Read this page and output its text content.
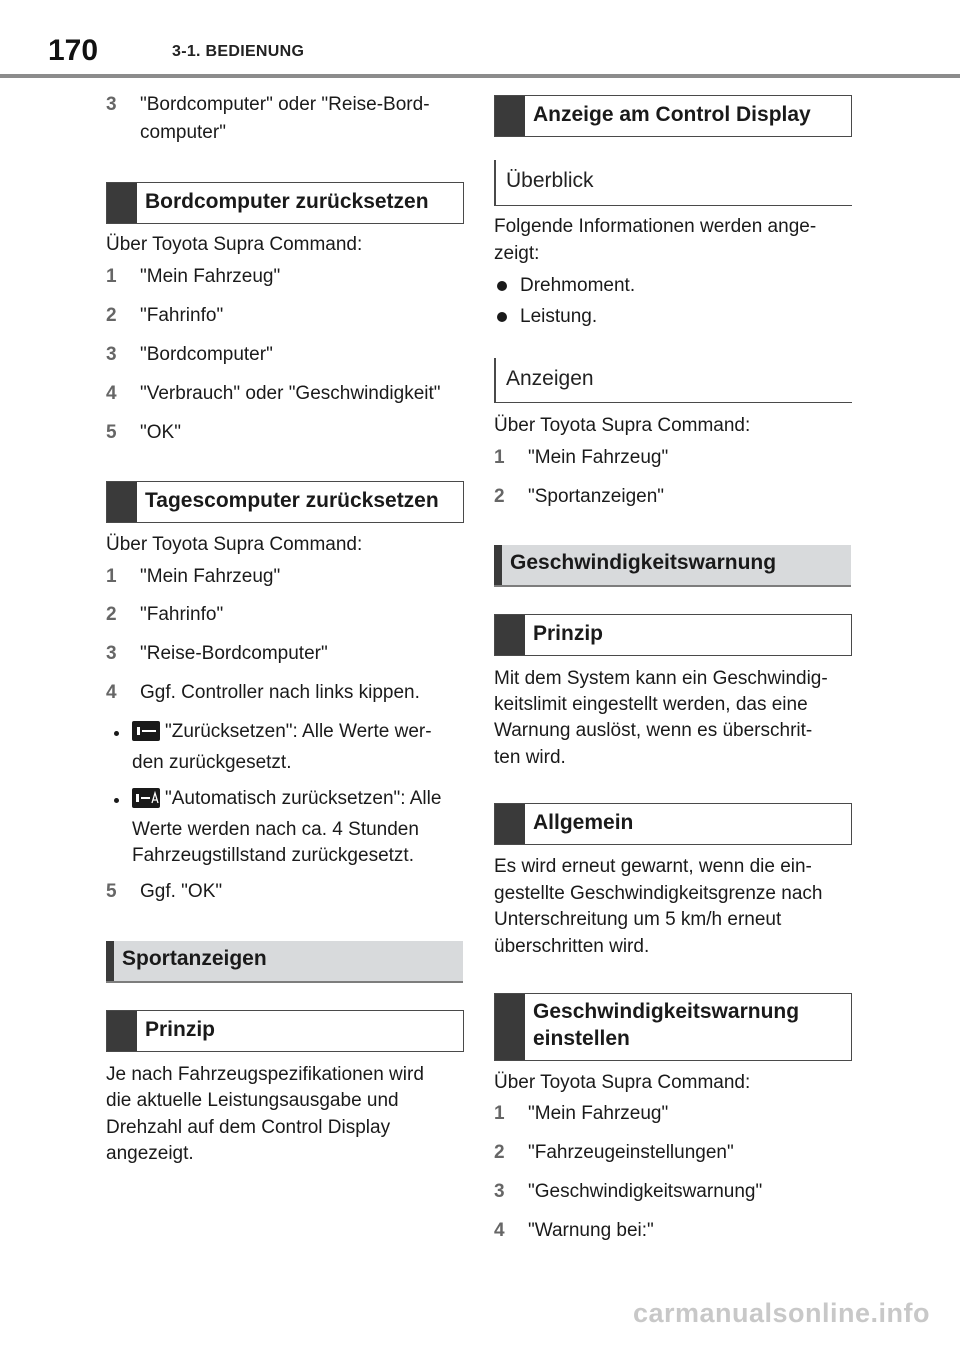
170	3-1. BEDIENUNG
3 "Bordcomputer" oder "Reise-Bord-
computer"
Bordcomputer zurücksetzen
Über Toyota Supra Command:
1 "Mein Fahrzeug"
2 "Fahrinfo"
3 "Bordcomputer"
4 "Verbrauch" oder "Geschwindigkeit"
5 "OK"
Tagescomputer zurücksetzen
Über Toyota Supra Command:
1 "Mein Fahrzeug"
2 "Fahrinfo"
3 "Reise-Bordcomputer"
4 Ggf. Controller nach links kippen.
"Zurücksetzen": Alle Werte wer-
den zurückgesetzt.
"Automatisch zurücksetzen": Alle
Werte werden nach ca. 4 Stunden
Fahrzeugstillstand zurückgesetzt.
5 Ggf. "OK"
Sportanzeigen
Prinzip
Je nach Fahrzeugspezifikationen wird
die aktuelle Leistungsausgabe und
Drehzahl auf dem Control Display
angezeigt.
Anzeige am Control Display
Überblick
Folgende Informationen werden ange-
zeigt:
Drehmoment.
Leistung.
Anzeigen
Über Toyota Supra Command:
1 "Mein Fahrzeug"
2 "Sportanzeigen"
Geschwindigkeitswarnung
Prinzip
Mit dem System kann ein Geschwindig-
keitslimit eingestellt werden, das eine
Warnung auslöst, wenn es überschrit-
ten wird.
Allgemein
Es wird erneut gewarnt, wenn die ein-
gestellte Geschwindigkeitsgrenze nach
Unterschreitung um 5 km/h erneut
überschritten wird.
Geschwindigkeitswarnung
einstellen
Über Toyota Supra Command:
1 "Mein Fahrzeug"
2 "Fahrzeugeinstellungen"
3 "Geschwindigkeitswarnung"
4 "Warnung bei:"
carmanualsonline.info
